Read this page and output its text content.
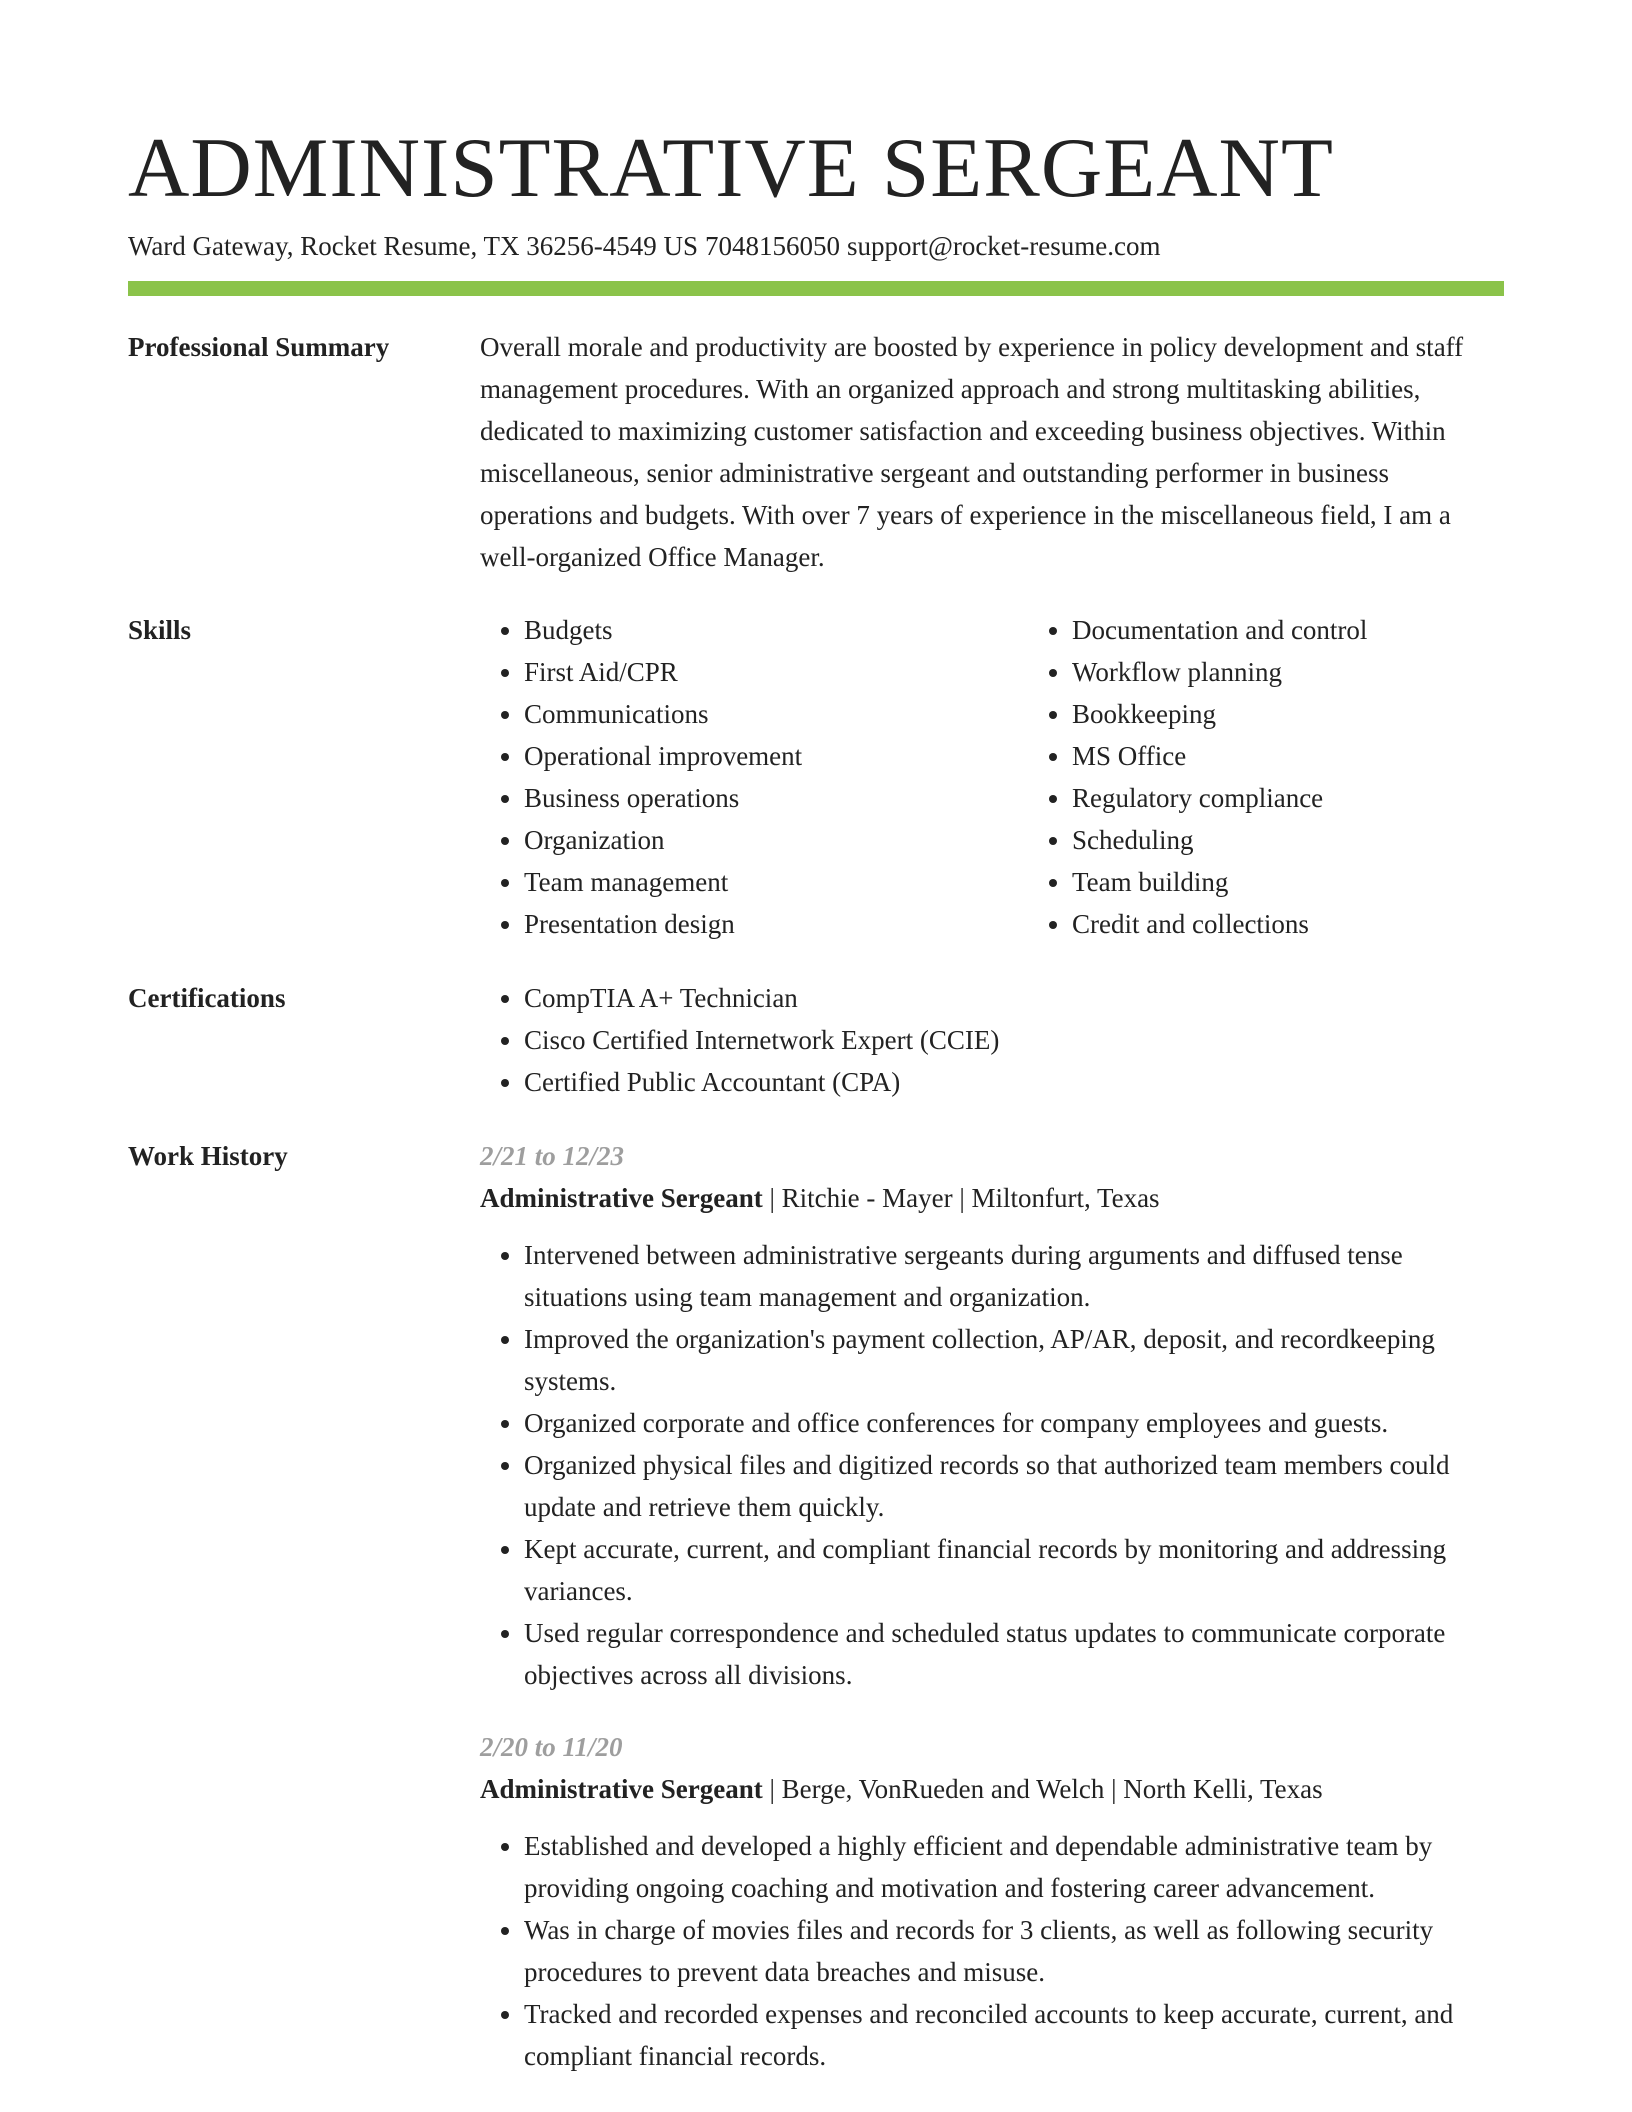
ADMINISTRATIVE SERGEANT
Ward Gateway, Rocket Resume, TX 36256-4549 US 7048156050 support@rocket-resume.com
Professional Summary	Overall morale and productivity are boosted by experience in policy development and staff management procedures. With an organized approach and strong multitasking abilities, dedicated to maximizing customer satisfaction and exceeding business objectives. Within miscellaneous, senior administrative sergeant and outstanding performer in business operations and budgets. With over 7 years of experience in the miscellaneous field, I am a well-organized Office Manager.

Skills	• Budgets
• First Aid/CPR
• Communications
• Operational improvement
• Business operations
• Organization
• Team management
• Presentation design
• Documentation and control
• Workflow planning
• Bookkeeping
• MS Office
• Regulatory compliance
• Scheduling
• Team building
• Credit and collections
Certifications	• CompTIA A+ Technician
• Cisco Certified Internetwork Expert (CCIE)
• Certified Public Accountant (CPA)
Work History	2/21 to 12/23
Administrative Sergeant | Ritchie - Mayer | Miltonfurt, Texas
• Intervened between administrative sergeants during arguments and diffused tense situations using team management and organization.
• Improved the organization's payment collection, AP/AR, deposit, and recordkeeping systems.
• Organized corporate and office conferences for company employees and guests.
• Organized physical files and digitized records so that authorized team members could update and retrieve them quickly.
• Kept accurate, current, and compliant financial records by monitoring and addressing variances.
• Used regular correspondence and scheduled status updates to communicate corporate objectives across all divisions.
2/20 to 11/20
Administrative Sergeant | Berge, VonRueden and Welch | North Kelli, Texas
• Established and developed a highly efficient and dependable administrative team by providing ongoing coaching and motivation and fostering career advancement.
• Was in charge of movies files and records for 3 clients, as well as following security procedures to prevent data breaches and misuse.
• Tracked and recorded expenses and reconciled accounts to keep accurate, current, and compliant financial records.
